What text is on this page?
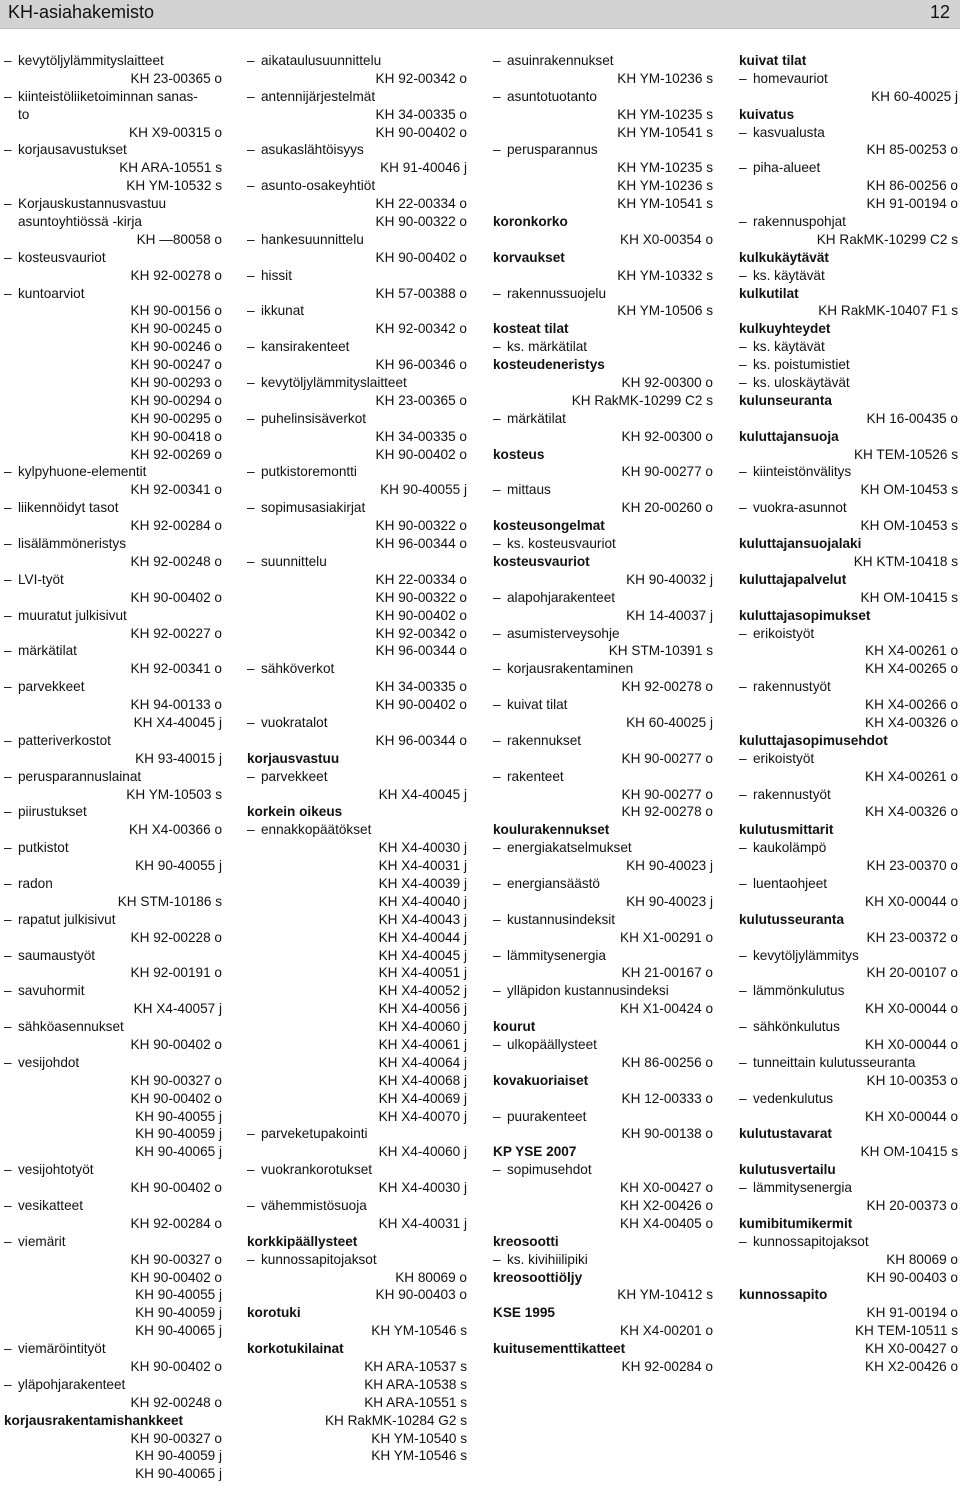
KH-asiahakemisto	12
– kevytöljylämmityslaitteet
KH 23-00365 o
– kiinteistöliiketoiminnan sanas-
to
KH X9-00315 o
– korjausavustukset
KH ARA-10551 s
KH YM-10532 s
– Korjauskustannusvastuu
asuntoyhtiössä -kirja
KH —80058 o
– kosteusvauriot
KH 92-00278 o
– kuntoarviot
KH 90-00156 o
KH 90-00245 o
KH 90-00246 o
KH 90-00247 o
KH 90-00293 o
KH 90-00294 o
KH 90-00295 o
KH 90-00418 o
KH 92-00269 o
– kylpyhuone-elementit
KH 92-00341 o
– liikennöidyt tasot
KH 92-00284 o
– lisälämmöneristys
KH 92-00248 o
– LVI-työt
KH 90-00402 o
– muuratut julkisivut
KH 92-00227 o
– märkätilat
KH 92-00341 o
– parvekkeet
KH 94-00133 o
KH X4-40045 j
– patteriverkostot
KH 93-40015 j
– perusparannuslainat
KH YM-10503 s
– piirustukset
KH X4-00366 o
– putkistot
KH 90-40055 j
– radon
KH STM-10186 s
– rapatut julkisivut
KH 92-00228 o
– saumaustyöt
KH 92-00191 o
– savuhormit
KH X4-40057 j
– sähköasennukset
KH 90-00402 o
– vesijohdot
KH 90-00327 o
KH 90-00402 o
KH 90-40055 j
KH 90-40059 j
KH 90-40065 j
– vesijohtotyöt
KH 90-00402 o
– vesikatteet
KH 92-00284 o
– viemärit
KH 90-00327 o
KH 90-00402 o
KH 90-40055 j
KH 90-40059 j
KH 90-40065 j
– viemäröintityöt
KH 90-00402 o
– yläpohjarakenteet
KH 92-00248 o
korjausrakentamishankkeet
KH 90-00327 o
KH 90-40059 j
KH 90-40065 j
– aikataulusuunnittelu
KH 92-00342 o
– antennijärjestelmät
KH 34-00335 o
KH 90-00402 o
– asukaslähtöisyys
KH 91-40046 j
– asunto-osakeyhtiöt
KH 22-00334 o
KH 90-00322 o
– hankesuunnittelu
KH 90-00402 o
– hissit
KH 57-00388 o
– ikkunat
KH 92-00342 o
– kansirakenteet
KH 96-00346 o
– kevytöljylämmityslaitteet
KH 23-00365 o
– puhelinsisäverkot
KH 34-00335 o
KH 90-00402 o
– putkistoremontti
KH 90-40055 j
– sopimusasiakirjat
KH 90-00322 o
KH 96-00344 o
– suunnittelu
KH 22-00334 o
KH 90-00322 o
KH 90-00402 o
KH 92-00342 o
KH 96-00344 o
– sähköverkot
KH 34-00335 o
KH 90-00402 o
– vuokratalot
KH 96-00344 o
korjausvastuu
– parvekkeet
KH X4-40045 j
korkein oikeus
– ennakkopäätökset
KH X4-40030 j
KH X4-40031 j
KH X4-40039 j
KH X4-40040 j
KH X4-40043 j
KH X4-40044 j
KH X4-40045 j
KH X4-40051 j
KH X4-40052 j
KH X4-40056 j
KH X4-40060 j
KH X4-40061 j
KH X4-40064 j
KH X4-40068 j
KH X4-40069 j
KH X4-40070 j
– parveketupakointi
KH X4-40060 j
– vuokrankorotukset
KH X4-40030 j
– vähemmistösuoja
KH X4-40031 j
korkkipäällysteet
– kunnossapitojaksot
KH 80069 o
KH 90-00403 o
korotuki
KH YM-10546 s
korkotukilainat
KH ARA-10537 s
KH ARA-10538 s
KH ARA-10551 s
KH RakMK-10284 G2 s
KH YM-10540 s
KH YM-10546 s
– asuinrakennukset
KH YM-10236 s
– asuntotuotanto
KH YM-10235 s
KH YM-10541 s
– perusparannus
KH YM-10235 s
KH YM-10236 s
KH YM-10541 s
koronkorko
KH X0-00354 o
korvaukset
KH YM-10332 s
– rakennussuojelu
KH YM-10506 s
kosteat tilat
– ks. märkätilat
kosteudeneristys
KH 92-00300 o
KH RakMK-10299 C2 s
– märkätilat
KH 92-00300 o
kosteus
KH 90-00277 o
– mittaus
KH 20-00260 o
kosteusongelmat
– ks. kosteusvauriot
kosteusvauriot
KH 90-40032 j
– alapohjarakenteet
KH 14-40037 j
– asumisterveysohje
KH STM-10391 s
– korjausrakentaminen
KH 92-00278 o
– kuivat tilat
KH 60-40025 j
– rakennukset
KH 90-00277 o
– rakenteet
KH 90-00277 o
KH 92-00278 o
koulurakennukset
– energiakatselmukset
KH 90-40023 j
– energiansäästö
KH 90-40023 j
– kustannusindeksit
KH X1-00291 o
– lämmitysenergia
KH 21-00167 o
– ylläpidon kustannusindeksi
KH X1-00424 o
kourut
– ulkopäällysteet
KH 86-00256 o
kovakuoriaiset
KH 12-00333 o
– puurakenteet
KH 90-00138 o
KP YSE 2007
– sopimusehdot
KH X0-00427 o
KH X2-00426 o
KH X4-00405 o
kreosootti
– ks. kivihiilipiki
kreosoottiöljy
KH YM-10412 s
KSE 1995
KH X4-00201 o
kuitusementtikatteet
KH 92-00284 o
kuivat tilat
– homevauriot
KH 60-40025 j
kuivatus
– kasvualusta
KH 85-00253 o
– piha-alueet
KH 86-00256 o
KH 91-00194 o
– rakennuspohjat
KH RakMK-10299 C2 s
kulkukäytävät
– ks. käytävät
kulkutilat
KH RakMK-10407 F1 s
kulkuyhteydet
– ks. käytävät
– ks. poistumistiet
– ks. uloskäytävät
kulunseuranta
KH 16-00435 o
kuluttajansuoja
KH TEM-10526 s
– kiinteistönvälitys
KH OM-10453 s
– vuokra-asunnot
KH OM-10453 s
kuluttajansuojalaki
KH KTM-10418 s
kuluttajapalvelut
KH OM-10415 s
kuluttajasopimukset
– erikoistyöt
KH X4-00261 o
KH X4-00265 o
– rakennustyöt
KH X4-00266 o
KH X4-00326 o
kuluttajasopimusehdot
– erikoistyöt
KH X4-00261 o
– rakennustyöt
KH X4-00326 o
kulutusmittarit
– kaukolämpö
KH 23-00370 o
– luentaohjeet
KH X0-00044 o
kulutusseuranta
KH 23-00372 o
– kevytöljylämmitys
KH 20-00107 o
– lämmönkulutus
KH X0-00044 o
– sähkönkulutus
KH X0-00044 o
– tunneittain kulutusseuranta
KH 10-00353 o
– vedenkulutus
KH X0-00044 o
kulutustavarat
KH OM-10415 s
kulutusvertailu
– lämmitysenergia
KH 20-00373 o
kumibitumikermit
– kunnossapitojaksot
KH 80069 o
KH 90-00403 o
kunnossapito
KH 91-00194 o
KH TEM-10511 s
KH X0-00427 o
KH X2-00426 o
